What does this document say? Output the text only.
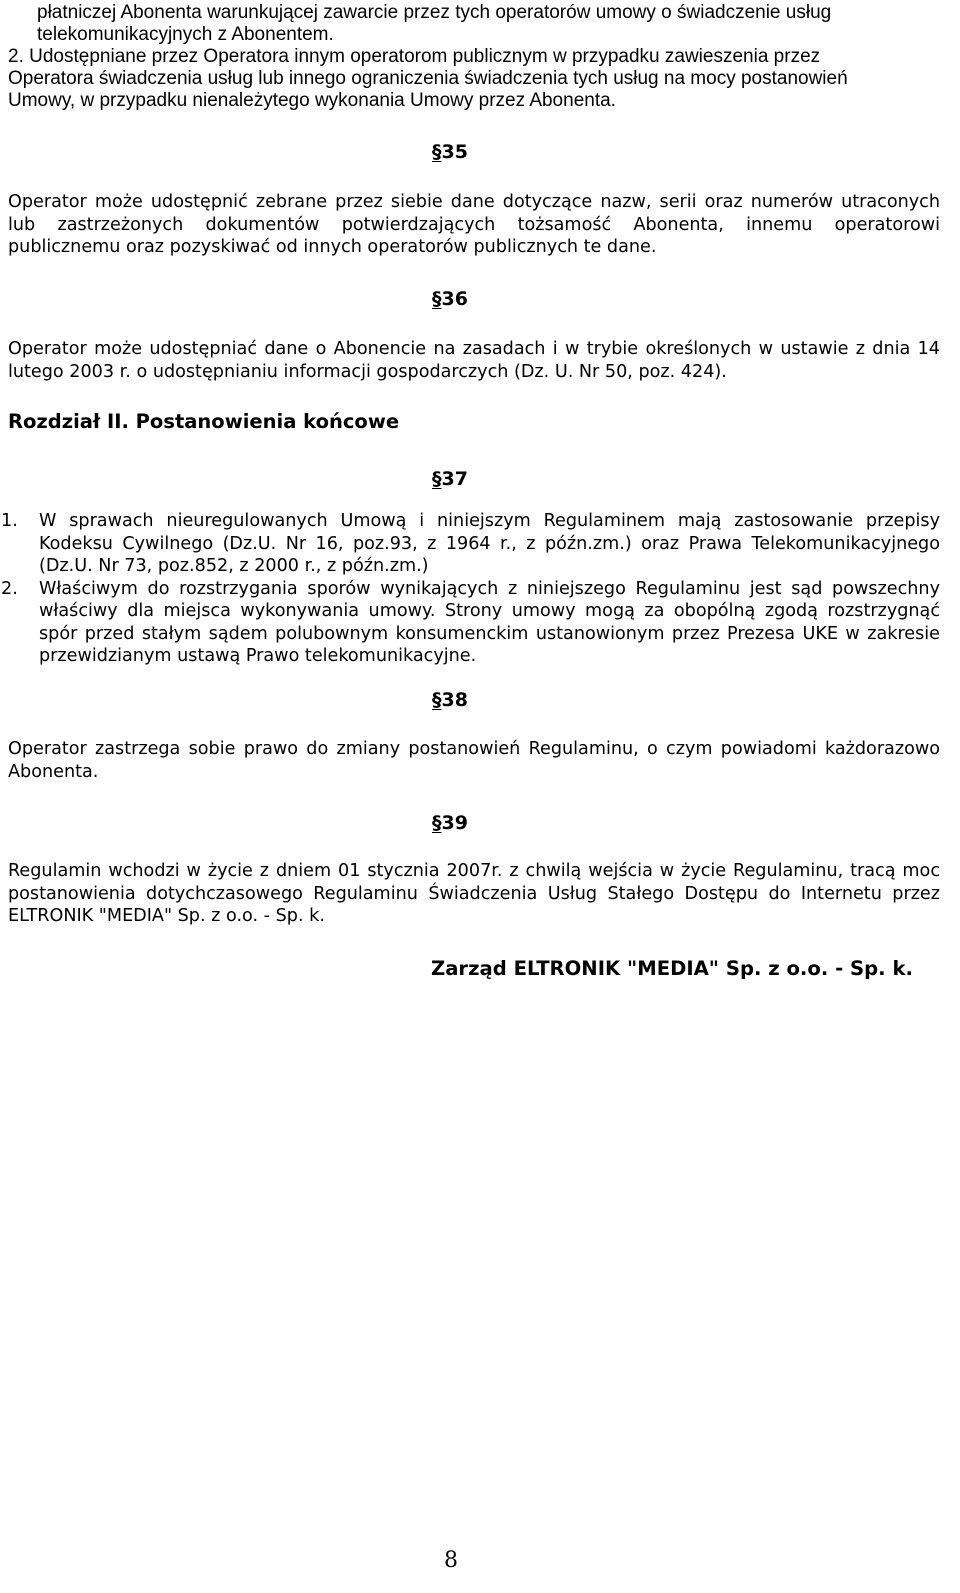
płatniczej Abonenta warunkującej zawarcie przez tych operatorów umowy o świadczenie usług
telekomunikacyjnych z Abonentem.
2. Udostępniane przez Operatora innym operatorom publicznym w przypadku zawieszenia przez
Operatora świadczenia usług lub innego ograniczenia świadczenia tych usług na mocy postanowień
Umowy, w przypadku nienależytego wykonania Umowy przez Abonenta.
§35

Operator może udostępnić zebrane przez siebie dane dotyczące nazw, serii oraz numerów utraconych lub zastrzeżonych dokumentów potwierdzających tożsamość Abonenta, innemu operatorowi publicznemu oraz pozyskiwać od innych operatorów publicznych te dane.

§36

Operator może udostępniać dane o Abonencie na zasadach i w trybie określonych w ustawie z dnia 14 lutego 2003 r. o udostępnianiu informacji gospodarczych (Dz. U. Nr 50, poz. 424).

Rozdział II. Postanowienia końcowe
§37
1. W sprawach nieuregulowanych Umową i niniejszym Regulaminem mają zastosowanie przepisy Kodeksu Cywilnego (Dz.U. Nr 16, poz.93, z 1964 r., z późn.zm.) oraz Prawa Telekomunikacyjnego (Dz.U. Nr 73, poz.852, z 2000 r., z późn.zm.)
2. Właściwym do rozstrzygania sporów wynikających z niniejszego Regulaminu jest sąd powszechny właściwy dla miejsca wykonywania umowy. Strony umowy mogą za obopólną zgodą rozstrzygnąć spór przed stałym sądem polubownym konsumenckim ustanowionym przez Prezesa UKE w zakresie przewidzianym ustawą Prawo telekomunikacyjne.
§38

Operator zastrzega sobie prawo do zmiany postanowień Regulaminu, o czym powiadomi każdorazowo Abonenta.

§39

Regulamin wchodzi w życie z dniem 01 stycznia 2007r. z chwilą wejścia w życie Regulaminu, tracą moc postanowienia dotychczasowego Regulaminu Świadczenia Usług Stałego Dostępu do Internetu przez ELTRONIK "MEDIA" Sp. z o.o. - Sp. k.

Zarząd ELTRONIK "MEDIA" Sp. z o.o. - Sp. k.
8
